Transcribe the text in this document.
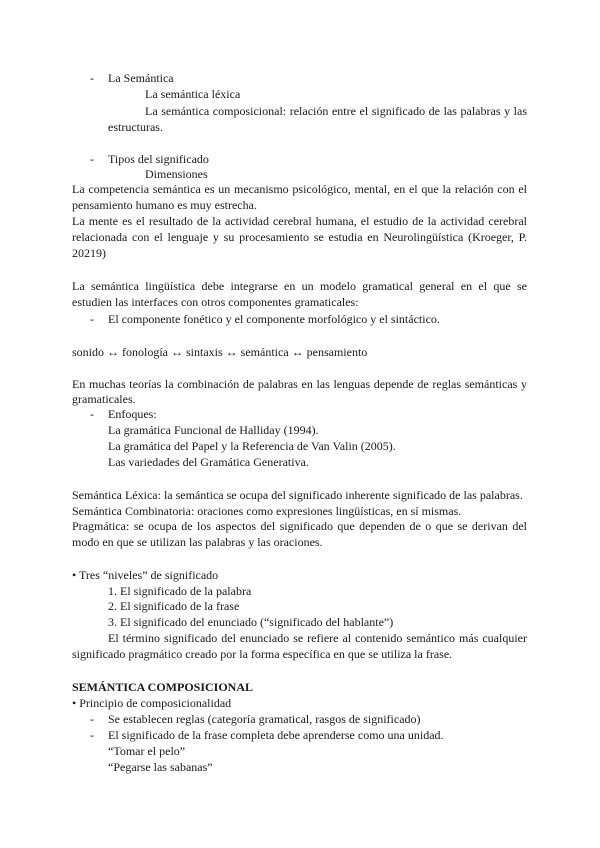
- La Semántica
La semántica léxica
La semántica composicional: relación entre el significado de las palabras y las
estructuras.
- Tipos del significado
Dimensiones
La competencia semántica es un mecanismo psicológico, mental, en el que la relación con el
pensamiento humano es muy estrecha.
La mente es el resultado de la actividad cerebral humana, el estudio de la actividad cerebral
relacionada con el lenguaje y su procesamiento se estudia en Neurolingüística (Kroeger, P.
20219)
La semántica lingüística debe integrarse en un modelo gramatical general en el que se
estudien las interfaces con otros componentes gramaticales:
- El componente fonético y el componente morfológico y el sintáctico.
sonido ↔ fonología ↔ sintaxis ↔ semántica ↔ pensamiento
En muchas teorías la combinación de palabras en las lenguas depende de reglas semánticas y
gramaticales.
- Enfoques:
La gramática Funcional de Halliday (1994).
La gramática del Papel y la Referencia de Van Valin (2005).
Las variedades del Gramática Generativa.
Semántica Léxica: la semántica se ocupa del significado inherente significado de las palabras.
Semántica Combinatoria: oraciones como expresiones lingüísticas, en sí mismas.
Pragmática: se ocupa de los aspectos del significado que dependen de o que se derivan del
modo en que se utilizan las palabras y las oraciones.
• Tres “niveles” de significado
1. El significado de la palabra
2. El significado de la frase
3. El significado del enunciado (“significado del hablante”)
El término significado del enunciado se refiere al contenido semántico más cualquier
significado pragmático creado por la forma específica en que se utiliza la frase.
SEMÁNTICA COMPOSICIONAL
• Principio de composicionalidad
- Se establecen reglas (categoría gramatical, rasgos de significado)
- El significado de la frase completa debe aprenderse como una unidad.
“Tomar el pelo”
“Pegarse las sabanas”
